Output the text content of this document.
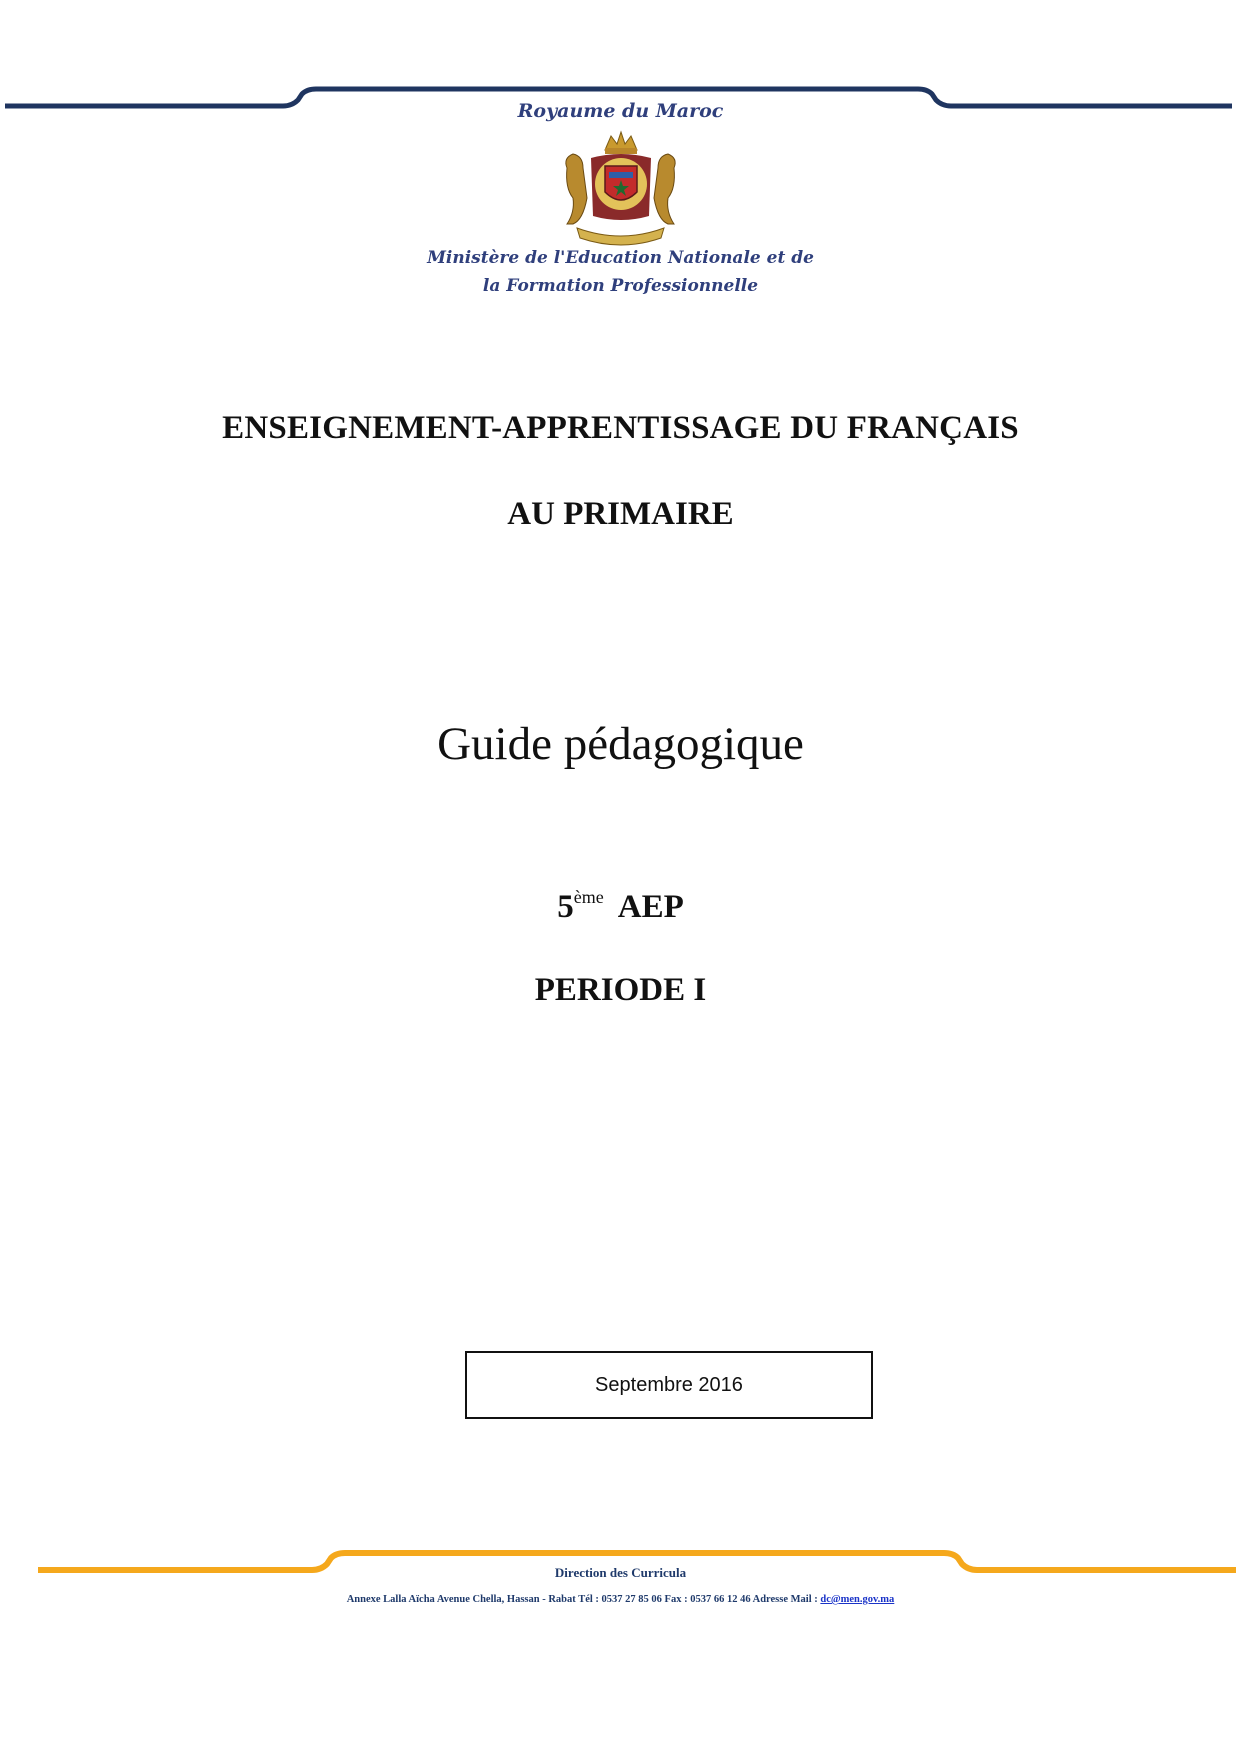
Royaume du Maroc
Ministère de l'Education Nationale et de
la Formation Professionnelle
ENSEIGNEMENT-APPRENTISSAGE DU FRANÇAIS
AU PRIMAIRE
Guide pédagogique
5ème AEP
PERIODE I
Septembre 2016
Direction des Curricula
Annexe Lalla Aïcha Avenue Chella, Hassan - Rabat Tél : 0537 27 85 06 Fax : 0537 66 12 46 Adresse Mail : dc@men.gov.ma
